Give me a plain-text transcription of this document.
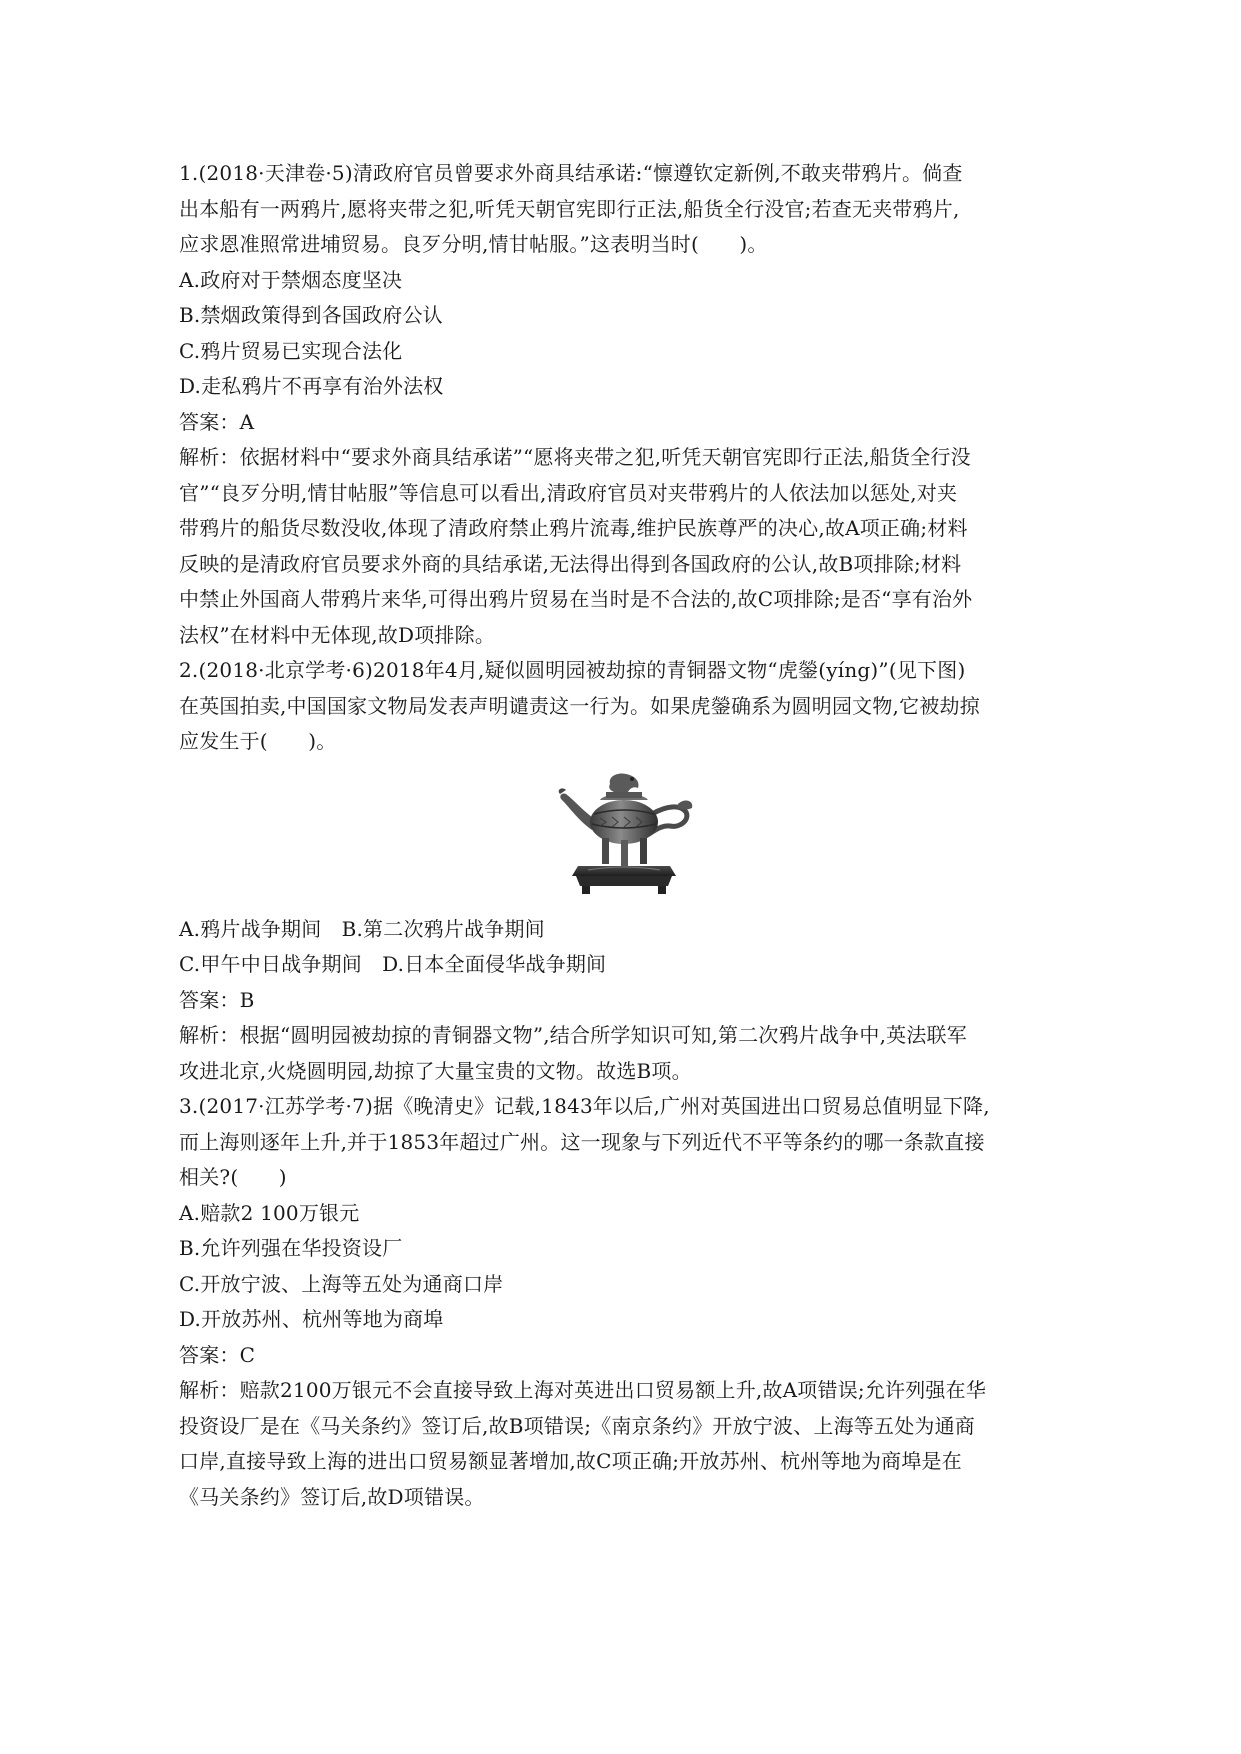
1.(2018·天津卷·5)清政府官员曾要求外商具结承诺:“懔遵钦定新例,不敢夹带鸦片。倘查
出本船有一两鸦片,愿将夹带之犯,听凭天朝官宪即行正法,船货全行没官;若查无夹带鸦片,
应求恩准照常进埔贸易。良歹分明,情甘帖服。”这表明当时(　　)。
A.政府对于禁烟态度坚决
B.禁烟政策得到各国政府公认
C.鸦片贸易已实现合法化
D.走私鸦片不再享有治外法权
答案：A
解析：依据材料中“要求外商具结承诺”“愿将夹带之犯,听凭天朝官宪即行正法,船货全行没
官”“良歹分明,情甘帖服”等信息可以看出,清政府官员对夹带鸦片的人依法加以惩处,对夹
带鸦片的船货尽数没收,体现了清政府禁止鸦片流毒,维护民族尊严的决心,故A项正确;材料
反映的是清政府官员要求外商的具结承诺,无法得出得到各国政府的公认,故B项排除;材料
中禁止外国商人带鸦片来华,可得出鸦片贸易在当时是不合法的,故C项排除;是否“享有治外
法权”在材料中无体现,故D项排除。
2.(2018·北京学考·6)2018年4月,疑似圆明园被劫掠的青铜器文物“虎鎣(yíng)”(见下图)
在英国拍卖,中国国家文物局发表声明谴责这一行为。如果虎鎣确系为圆明园文物,它被劫掠
应发生于(　　)。
A.鸦片战争期间　B.第二次鸦片战争期间
C.甲午中日战争期间　D.日本全面侵华战争期间
答案：B
解析：根据“圆明园被劫掠的青铜器文物”,结合所学知识可知,第二次鸦片战争中,英法联军
攻进北京,火烧圆明园,劫掠了大量宝贵的文物。故选B项。
3.(2017·江苏学考·7)据《晚清史》记载,1843年以后,广州对英国进出口贸易总值明显下降,
而上海则逐年上升,并于1853年超过广州。这一现象与下列近代不平等条约的哪一条款直接
相关?(　　)
A.赔款2 100万银元
B.允许列强在华投资设厂
C.开放宁波、上海等五处为通商口岸
D.开放苏州、杭州等地为商埠
答案：C
解析：赔款2100万银元不会直接导致上海对英进出口贸易额上升,故A项错误;允许列强在华
投资设厂是在《马关条约》签订后,故B项错误;《南京条约》开放宁波、上海等五处为通商
口岸,直接导致上海的进出口贸易额显著增加,故C项正确;开放苏州、杭州等地为商埠是在
《马关条约》签订后,故D项错误。
